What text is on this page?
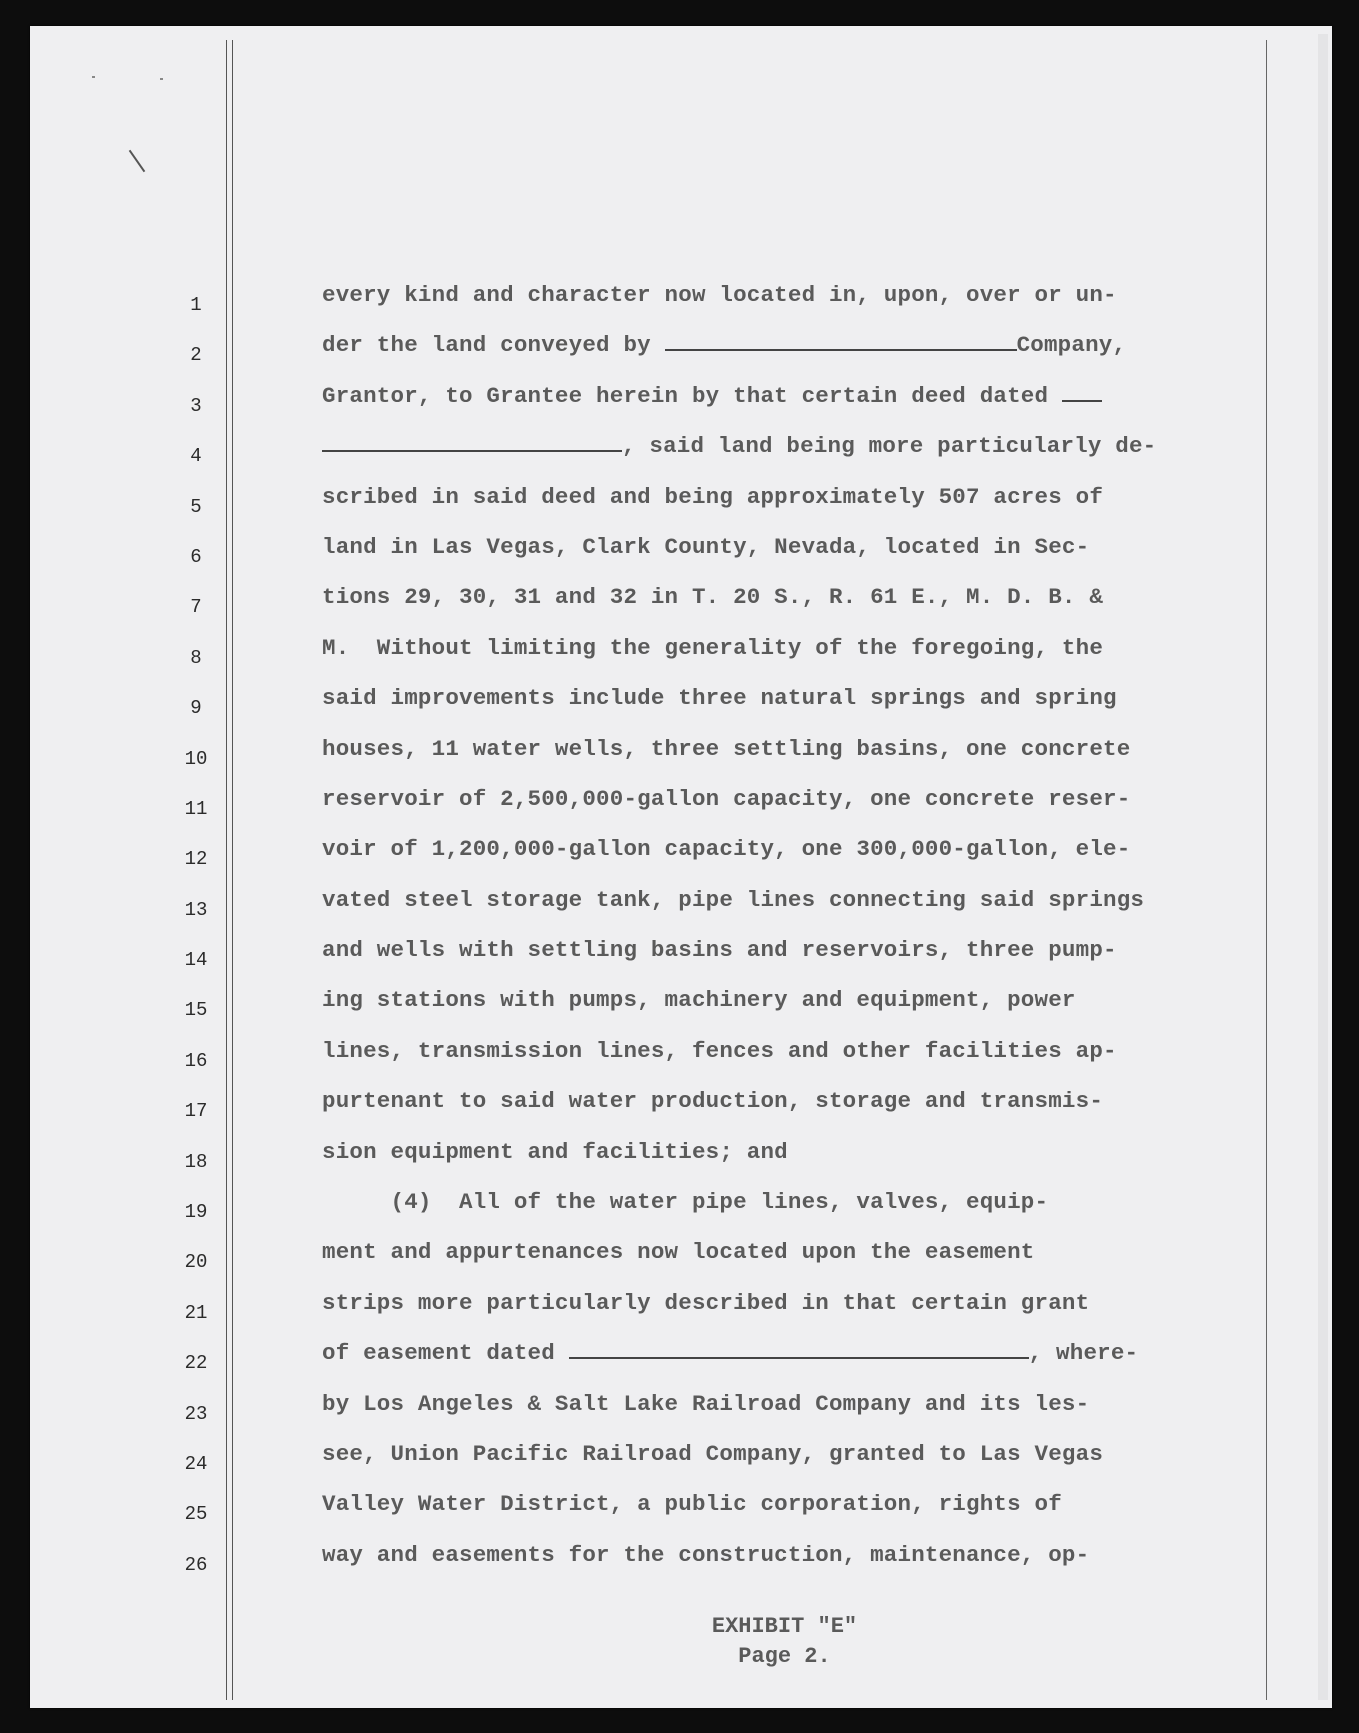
1
2
3
4
5
6
7
8
9
10
11
12
13
14
15
16
17
18
19
20
21
22
23
24
25
26
every kind and character now located in, upon, over or un-
der the land conveyed by	Company,
Grantor, to Grantee herein by that certain deed dated
, said land being more particularly de-
scribed in said deed and being approximately 507 acres of
land in Las Vegas, Clark County, Nevada, located in Sec-
tions 29, 30, 31 and 32 in T. 20 S., R. 61 E., M. D. B. &
M.  Without limiting the generality of the foregoing, the
said improvements include three natural springs and spring
houses, 11 water wells, three settling basins, one concrete
reservoir of 2,500,000-gallon capacity, one concrete reser-
voir of 1,200,000-gallon capacity, one 300,000-gallon, ele-
vated steel storage tank, pipe lines connecting said springs
and wells with settling basins and reservoirs, three pump-
ing stations with pumps, machinery and equipment, power
lines, transmission lines, fences and other facilities ap-
purtenant to said water production, storage and transmis-
sion equipment and facilities; and
(4)  All of the water pipe lines, valves, equip-
ment and appurtenances now located upon the easement
strips more particularly described in that certain grant
of easement dated	, where-
by Los Angeles & Salt Lake Railroad Company and its les-
see, Union Pacific Railroad Company, granted to Las Vegas
Valley Water District, a public corporation, rights of
way and easements for the construction, maintenance, op-
EXHIBIT "E"
Page 2.
